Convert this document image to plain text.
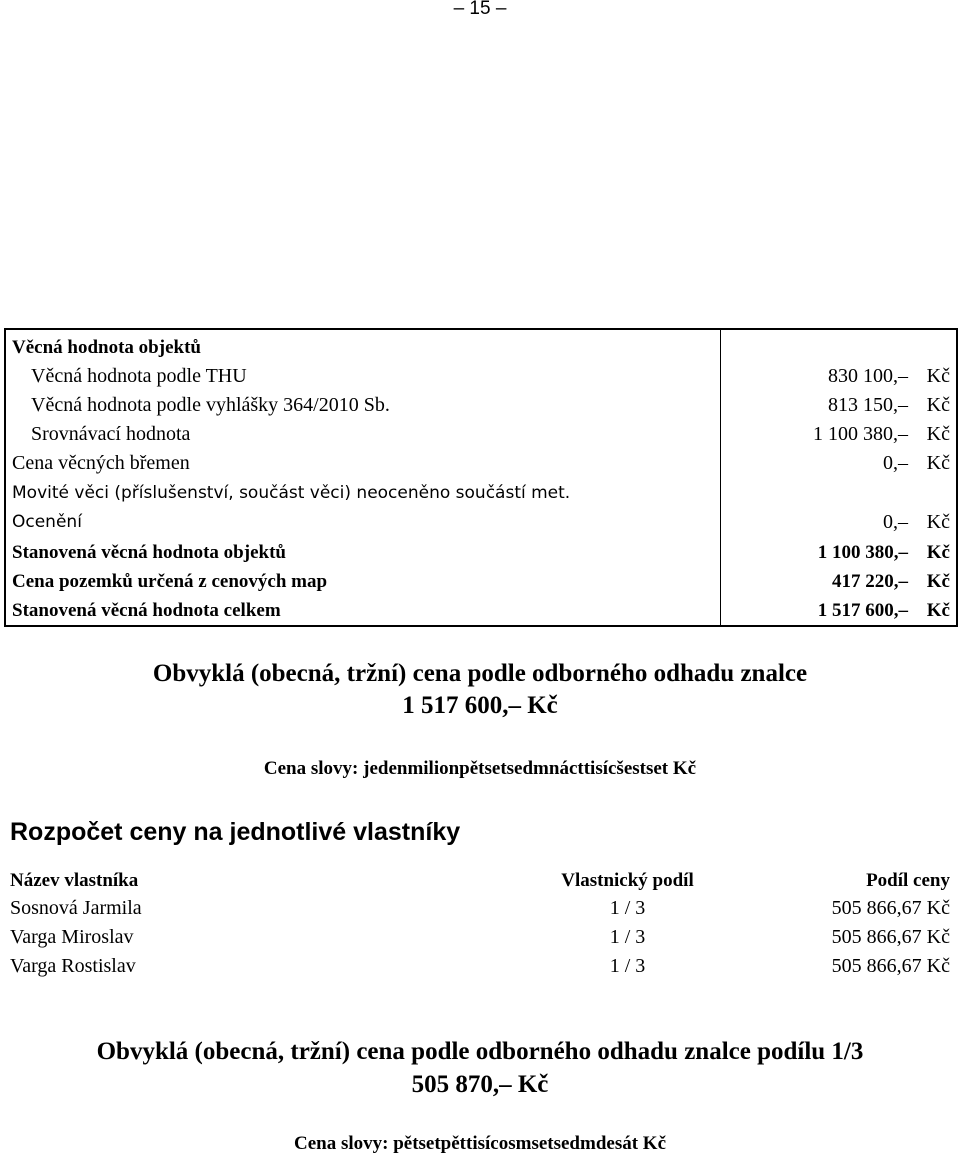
– 15 –
Věcná hodnota objektů
Věcná hodnota podle THU	830 100,– Kč
Věcná hodnota podle vyhlášky 364/2010 Sb.	813 150,– Kč
Srovnávací hodnota	1 100 380,– Kč
Cena věcných břemen	0,– Kč
Movité věci (příslušenství, součást věci) neoceněno součástí met.
Ocenění	0,– Kč
Stanovená věcná hodnota objektů	1 100 380,– Kč
Cena pozemků určená z cenových map	417 220,– Kč
Stanovená věcná hodnota celkem	1 517 600,– Kč
Obvyklá (obecná, tržní) cena podle odborného odhadu znalce
1 517 600,– Kč
Cena slovy: jedenmilionpětsetsedmnácttisícšestset Kč
Rozpočet ceny na jednotlivé vlastníky
Název vlastníka	Vlastnický podíl	Podíl ceny
Sosnová Jarmila	1 / 3	505 866,67 Kč
Varga Miroslav	1 / 3	505 866,67 Kč
Varga Rostislav	1 / 3	505 866,67 Kč
Obvyklá (obecná, tržní) cena podle odborného odhadu znalce podílu 1/3
505 870,– Kč
Cena slovy: pětsetpěttisícosmsetsedmdesát Kč
